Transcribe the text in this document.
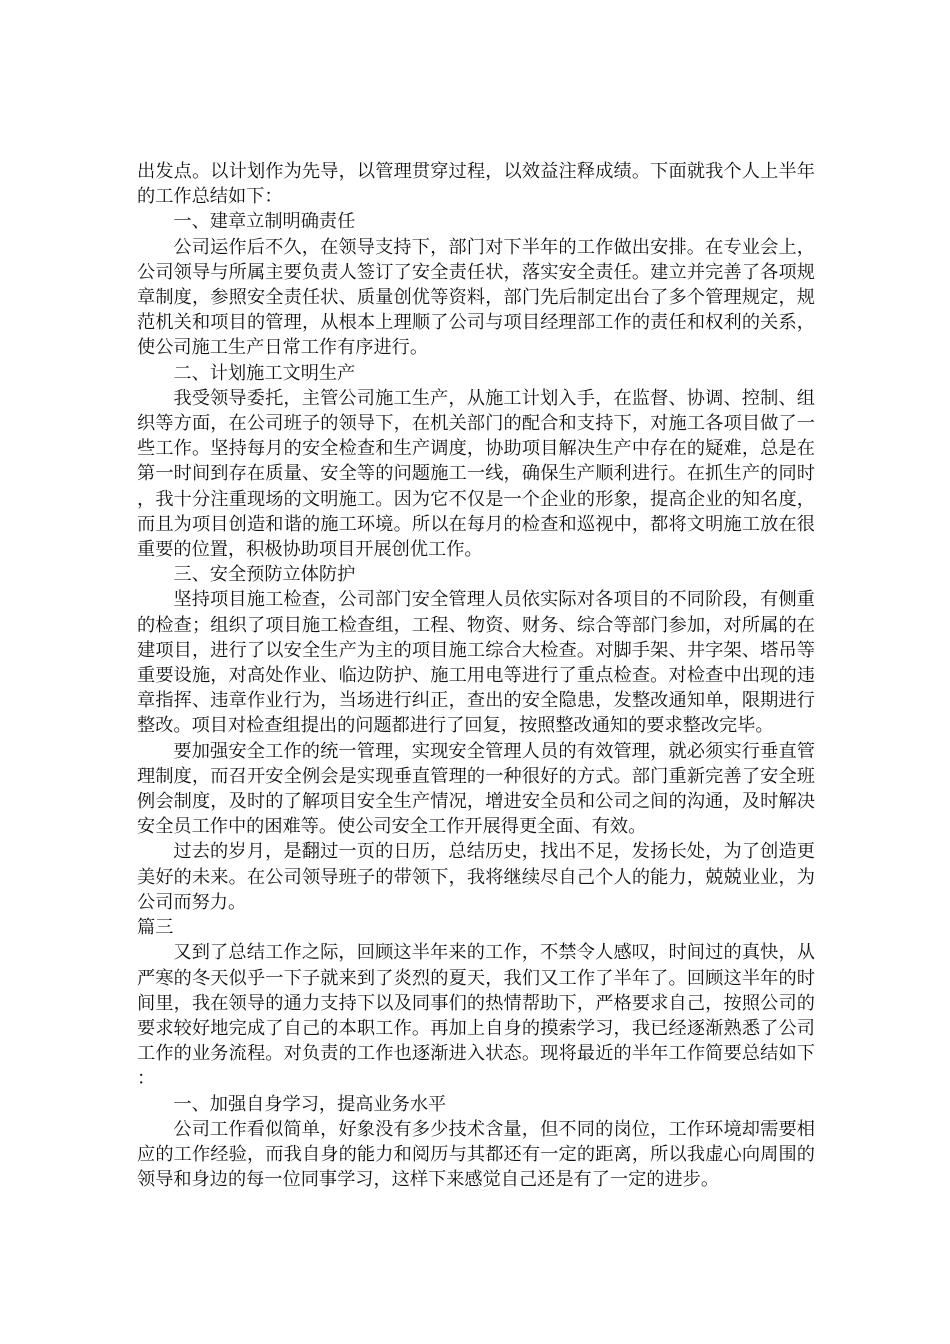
出发点。以计划作为先导，以管理贯穿过程，以效益注释成绩。下面就我个人上半年的工作总结如下：

一、建章立制明确责任

公司运作后不久，在领导支持下，部门对下半年的工作做出安排。在专业会上，公司领导与所属主要负责人签订了安全责任状，落实安全责任。建立并完善了各项规章制度，参照安全责任状、质量创优等资料，部门先后制定出台了多个管理规定，规范机关和项目的管理，从根本上理顺了公司与项目经理部工作的责任和权利的关系，使公司施工生产日常工作有序进行。

二、计划施工文明生产

我受领导委托，主管公司施工生产，从施工计划入手，在监督、协调、控制、组织等方面，在公司班子的领导下，在机关部门的配合和支持下，对施工各项目做了一些工作。坚持每月的安全检查和生产调度，协助项目解决生产中存在的疑难，总是在第一时间到存在质量、安全等的问题施工一线，确保生产顺利进行。在抓生产的同时，我十分注重现场的文明施工。因为它不仅是一个企业的形象，提高企业的知名度，而且为项目创造和谐的施工环境。所以在每月的检查和巡视中，都将文明施工放在很重要的位置，积极协助项目开展创优工作。

三、安全预防立体防护

坚持项目施工检查，公司部门安全管理人员依实际对各项目的不同阶段，有侧重的检查；组织了项目施工检查组，工程、物资、财务、综合等部门参加，对所属的在建项目，进行了以安全生产为主的项目施工综合大检查。对脚手架、井字架、塔吊等重要设施，对高处作业、临边防护、施工用电等进行了重点检查。对检查中出现的违章指挥、违章作业行为，当场进行纠正，查出的安全隐患，发整改通知单，限期进行整改。项目对检查组提出的问题都进行了回复，按照整改通知的要求整改完毕。

要加强安全工作的统一管理，实现安全管理人员的有效管理，就必须实行垂直管理制度，而召开安全例会是实现垂直管理的一种很好的方式。部门重新完善了安全班例会制度，及时的了解项目安全生产情况，增进安全员和公司之间的沟通，及时解决安全员工作中的困难等。使公司安全工作开展得更全面、有效。

过去的岁月，是翻过一页的日历，总结历史，找出不足，发扬长处，为了创造更美好的未来。在公司领导班子的带领下，我将继续尽自己个人的能力，兢兢业业，为公司而努力。

篇三

又到了总结工作之际，回顾这半年来的工作，不禁令人感叹，时间过的真快，从严寒的冬天似乎一下子就来到了炎烈的夏天，我们又工作了半年了。回顾这半年的时间里，我在领导的通力支持下以及同事们的热情帮助下，严格要求自己，按照公司的要求较好地完成了自己的本职工作。再加上自身的摸索学习，我已经逐渐熟悉了公司工作的业务流程。对负责的工作也逐渐进入状态。现将最近的半年工作简要总结如下：

一、加强自身学习，提高业务水平

公司工作看似简单，好象没有多少技术含量，但不同的岗位，工作环境却需要相应的工作经验，而我自身的能力和阅历与其都还有一定的距离，所以我虚心向周围的领导和身边的每一位同事学习，这样下来感觉自己还是有了一定的进步。
